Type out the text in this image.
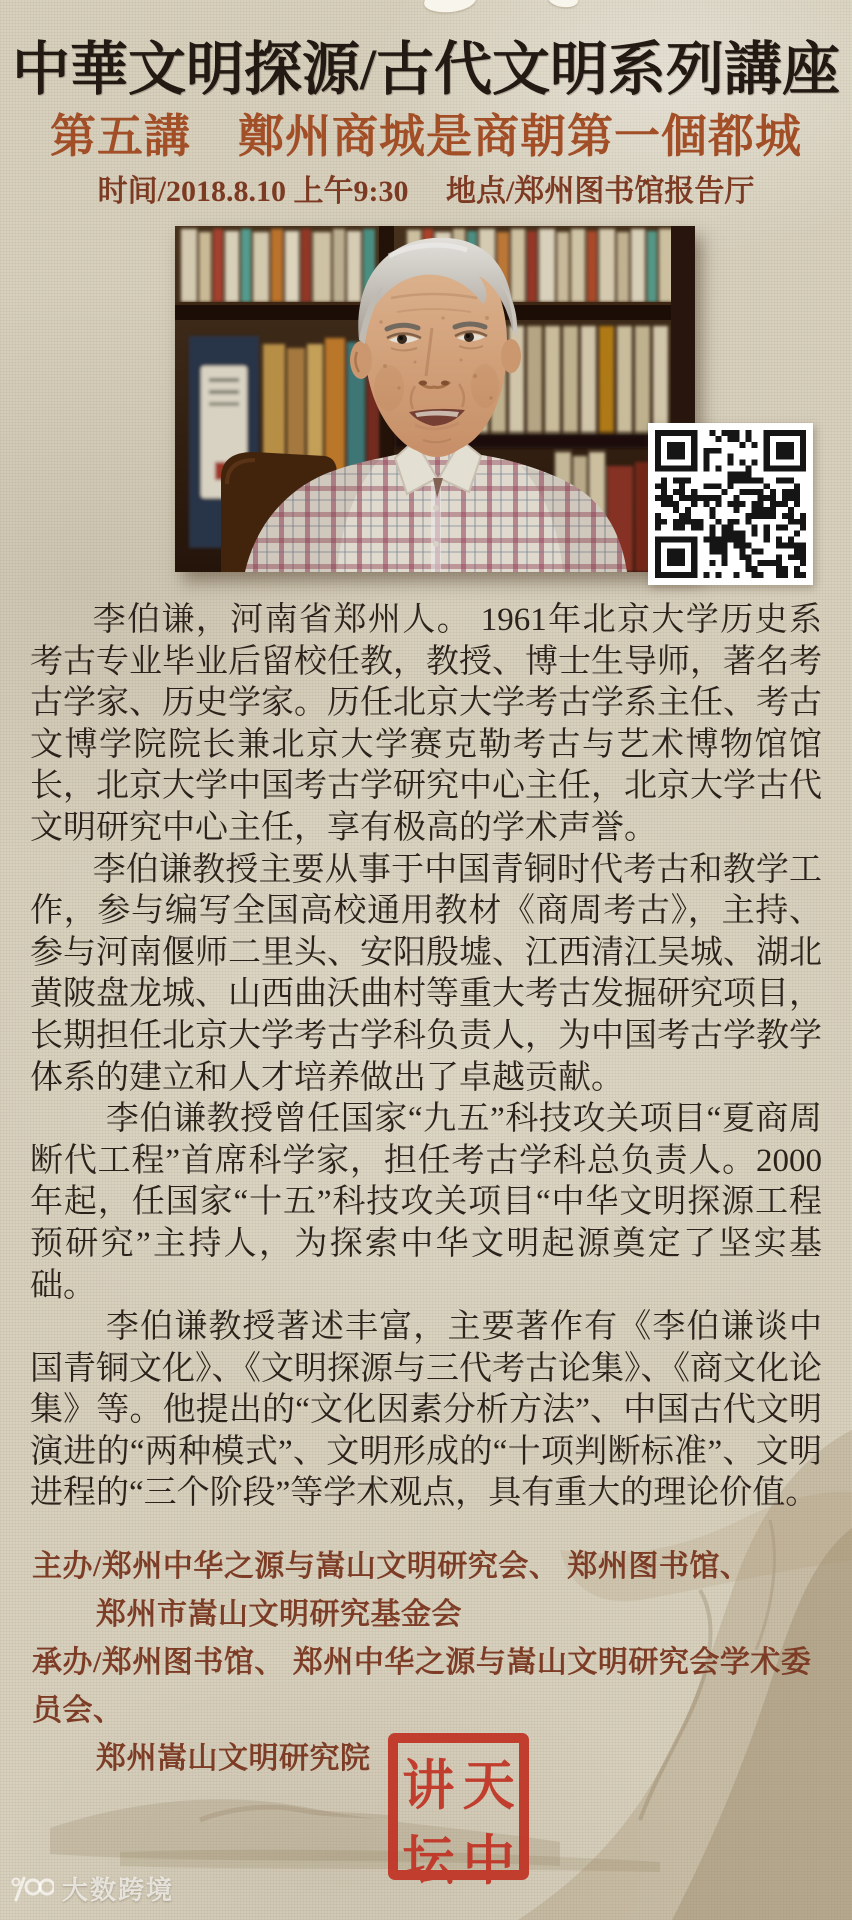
中華文明探源/古代文明系列講座
第五講　鄭州商城是商朝第一個都城
时间/2018.8.10 上午9:30 地点/郑州图书馆报告厅

李伯谦，河南省郑州人。 1961年北京大学历史系考古专业毕业后留校任教，教授、博士生导师，著名考古学家、历史学家。历任北京大学考古学系主任、考古文博学院院长兼北京大学赛克勒考古与艺术博物馆馆长，北京大学中国考古学研究中心主任，北京大学古代文明研究中心主任，享有极高的学术声誉。

李伯谦教授主要从事于中国青铜时代考古和教学工作，参与编写全国高校通用教材《商周考古》，主持、参与河南偃师二里头、安阳殷墟、江西清江吴城、湖北黄陂盘龙城、山西曲沃曲村等重大考古发掘研究项目，长期担任北京大学考古学科负责人，为中国考古学教学体系的建立和人才培养做出了卓越贡献。

李伯谦教授曾任国家“九五”科技攻关项目“夏商周断代工程”首席科学家，担任考古学科总负责人。2000年起，任国家“十五”科技攻关项目“中华文明探源工程预研究”主持人，为探索中华文明起源奠定了坚实基础。

李伯谦教授著述丰富，主要著作有《李伯谦谈中国青铜文化》、《文明探源与三代考古论集》、《商文化论集》等。他提出的“文化因素分析方法”、中国古代文明演进的“两种模式”、文明形成的“十项判断标准”、文明进程的“三个阶段”等学术观点，具有重大的理论价值。

主办/郑州中华之源与嵩山文明研究会、 郑州图书馆、

郑州市嵩山文明研究基金会

承办/郑州图书馆、 郑州中华之源与嵩山文明研究会学术委员会、

郑州嵩山文明研究院 讲 天
坛 中
大数跨境
